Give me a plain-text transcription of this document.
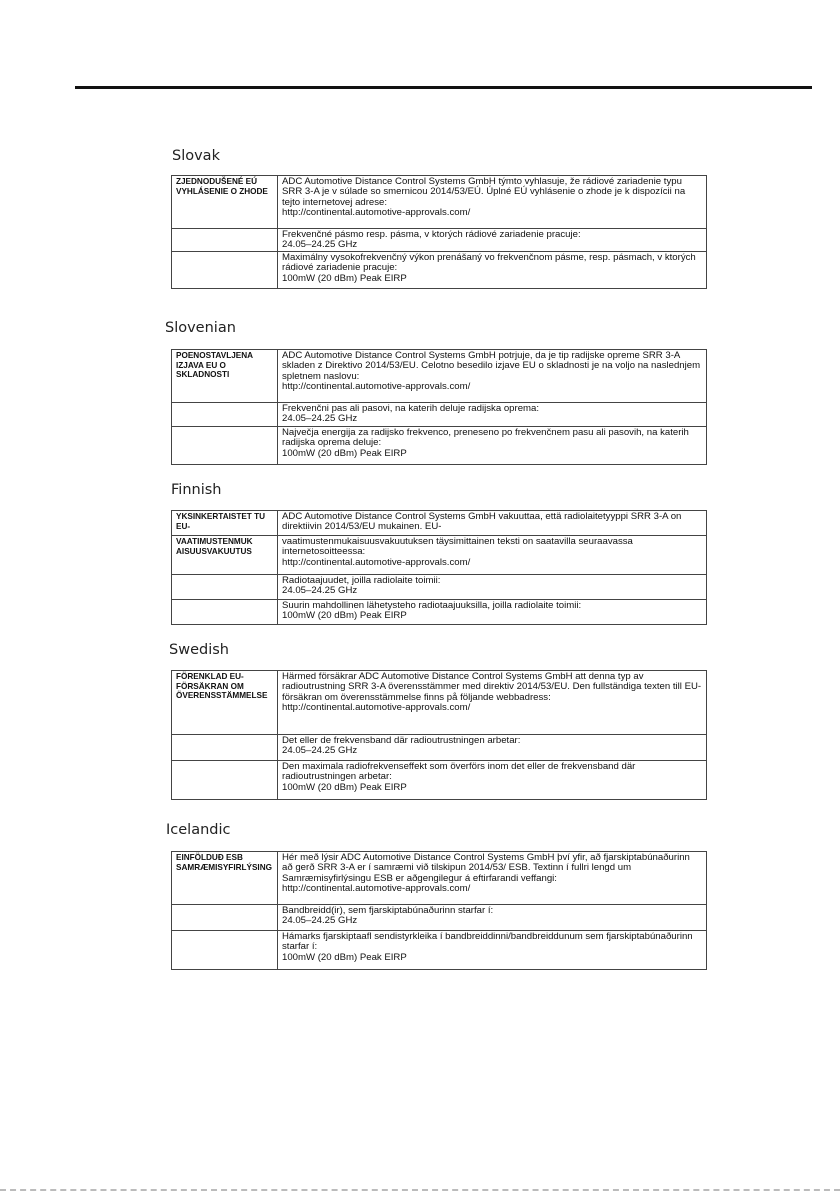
Slovak
ZJEDNODUŠENÉ EÚ VYHLÁSENIE O ZHODE	ADC Automotive Distance Control Systems GmbH týmto vyhlasuje, že rádiové zariadenie typu SRR 3-A je v súlade so smernicou 2014/53/EÚ. Úplné EÚ vyhlásenie o zhode je k dispozícii na tejto internetovej adrese:
http://continental.automotive-approvals.com/
	Frekvenčné pásmo resp. pásma, v ktorých rádiové zariadenie pracuje:
24.05–24.25 GHz
	Maximálny vysokofrekvenčný výkon prenášaný vo frekvenčnom pásme, resp. pásmach, v ktorých rádiové zariadenie pracuje:
100mW (20 dBm) Peak EIRP
Slovenian
POENOSTAVLJENA IZJAVA EU O SKLADNOSTI	ADC Automotive Distance Control Systems GmbH potrjuje, da je tip radijske opreme SRR 3-A skladen z Direktivo 2014/53/EU. Celotno besedilo izjave EU o skladnosti je na voljo na naslednjem spletnem naslovu:
http://continental.automotive-approvals.com/
	Frekvenčni pas ali pasovi, na katerih deluje radijska oprema:
24.05–24.25 GHz
	Največja energija za radijsko frekvenco, preneseno po frekvenčnem pasu ali pasovih, na katerih radijska oprema deluje:
100mW (20 dBm) Peak EIRP
Finnish
YKSINKERTAISTET TU EU-	ADC Automotive Distance Control Systems GmbH vakuuttaa, että radiolaitetyyppi SRR 3-A on direktiivin 2014/53/EU mukainen. EU-
VAATIMUSTENMUK AISUUSVAKUUTUS	vaatimustenmukaisuusvakuutuksen täysimittainen teksti on saatavilla seuraavassa internetosoitteessa:
http://continental.automotive-approvals.com/
	Radiotaajuudet, joilla radiolaite toimii:
24.05–24.25 GHz
	Suurin mahdollinen lähetysteho radiotaajuuksilla, joilla radiolaite toimii:
100mW (20 dBm) Peak EIRP
Swedish
FÖRENKLAD EU-FÖRSÄKRAN OM ÖVERENSSTÄMMELSE	Härmed försäkrar ADC Automotive Distance Control Systems GmbH att denna typ av radioutrustning SRR 3-A överensstämmer med direktiv 2014/53/EU. Den fullständiga texten till EU-försäkran om överensstämmelse finns på följande webbadress:
http://continental.automotive-approvals.com/
	Det eller de frekvensband där radioutrustningen arbetar:
24.05–24.25 GHz
	Den maximala radiofrekvenseffekt som överförs inom det eller de frekvensband där radioutrustningen arbetar:
100mW (20 dBm) Peak EIRP
Icelandic
EINFÖLDUÐ ESB SAMRÆMISYFIRLÝSING	Hér með lýsir ADC Automotive Distance Control Systems GmbH því yfir, að fjarskiptabúnaðurinn að gerð SRR 3-A er í samræmi við tilskipun 2014/53/ ESB. Textinn í fullri lengd um Samræmisyfirlýsingu ESB er aðgengilegur á eftirfarandi veffangi:
http://continental.automotive-approvals.com/
	Bandbreidd(ir), sem fjarskiptabúnaðurinn starfar í:
24.05–24.25 GHz
	Hámarks fjarskiptaafl sendistyrkleika í bandbreiddinni/bandbreiddunum sem fjarskiptabúnaðurinn starfar í:
100mW (20 dBm) Peak EIRP
